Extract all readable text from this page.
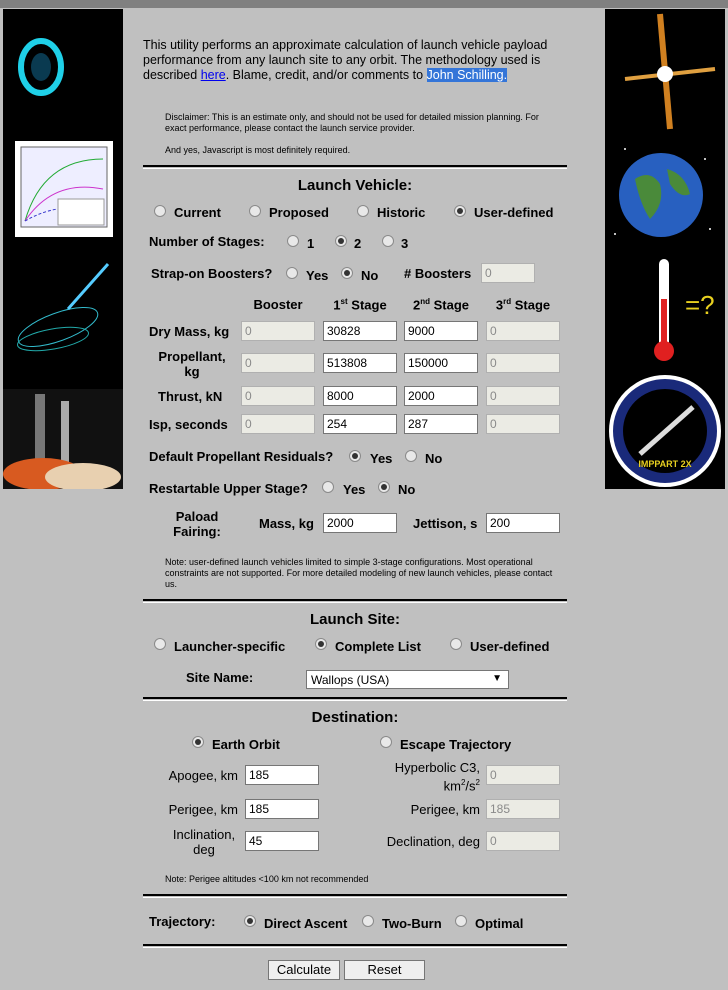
=?
IMPPART 2X
This utility performs an approximate calculation of launch vehicle payload performance from any launch site to any orbit. The methodology used is described here. Blame, credit, and/or comments to John Schilling.
Disclaimer: This is an estimate only, and should not be used for detailed mission planning. For exact performance, please contact the launch service provider.
And yes, Javascript is most definitely required.
Launch Vehicle:
Current	Proposed	Historic	User-defined
Number of Stages:	1	2	3
Strap-on Boosters?	Yes	No # Boosters	0
Booster	1st Stage	2nd Stage	3rd Stage
Dry Mass, kg	0	30828	9000	0
Propellant,
kg
0	513808	150000	0
Thrust, kN	0	8000	2000	0
Isp, seconds	0	254	287	0
Default Propellant Residuals?	Yes	No
Restartable Upper Stage?	Yes	No
Paload
Fairing:
Mass, kg	2000	Jettison, s	200
Note: user-defined launch vehicles limited to simple 3-stage configurations. Most operational constraints are not supported. For more detailed modeling of new launch vehicles, please contact us.
Launch Site:
Launcher-specific	Complete List	User-defined
Site Name:	Wallops (USA)	▼
Destination:
Earth Orbit	Escape Trajectory
Apogee, km 185	Hyperbolic C3,
$km^2/s^2$
0
Perigee, km 185	Perigee, km 185
Inclination,
deg
45	Declination, deg 0
Note: Perigee altitudes <100 km not recommended
Trajectory:	Direct Ascent	Two-Burn	Optimal
Calculate	Reset
